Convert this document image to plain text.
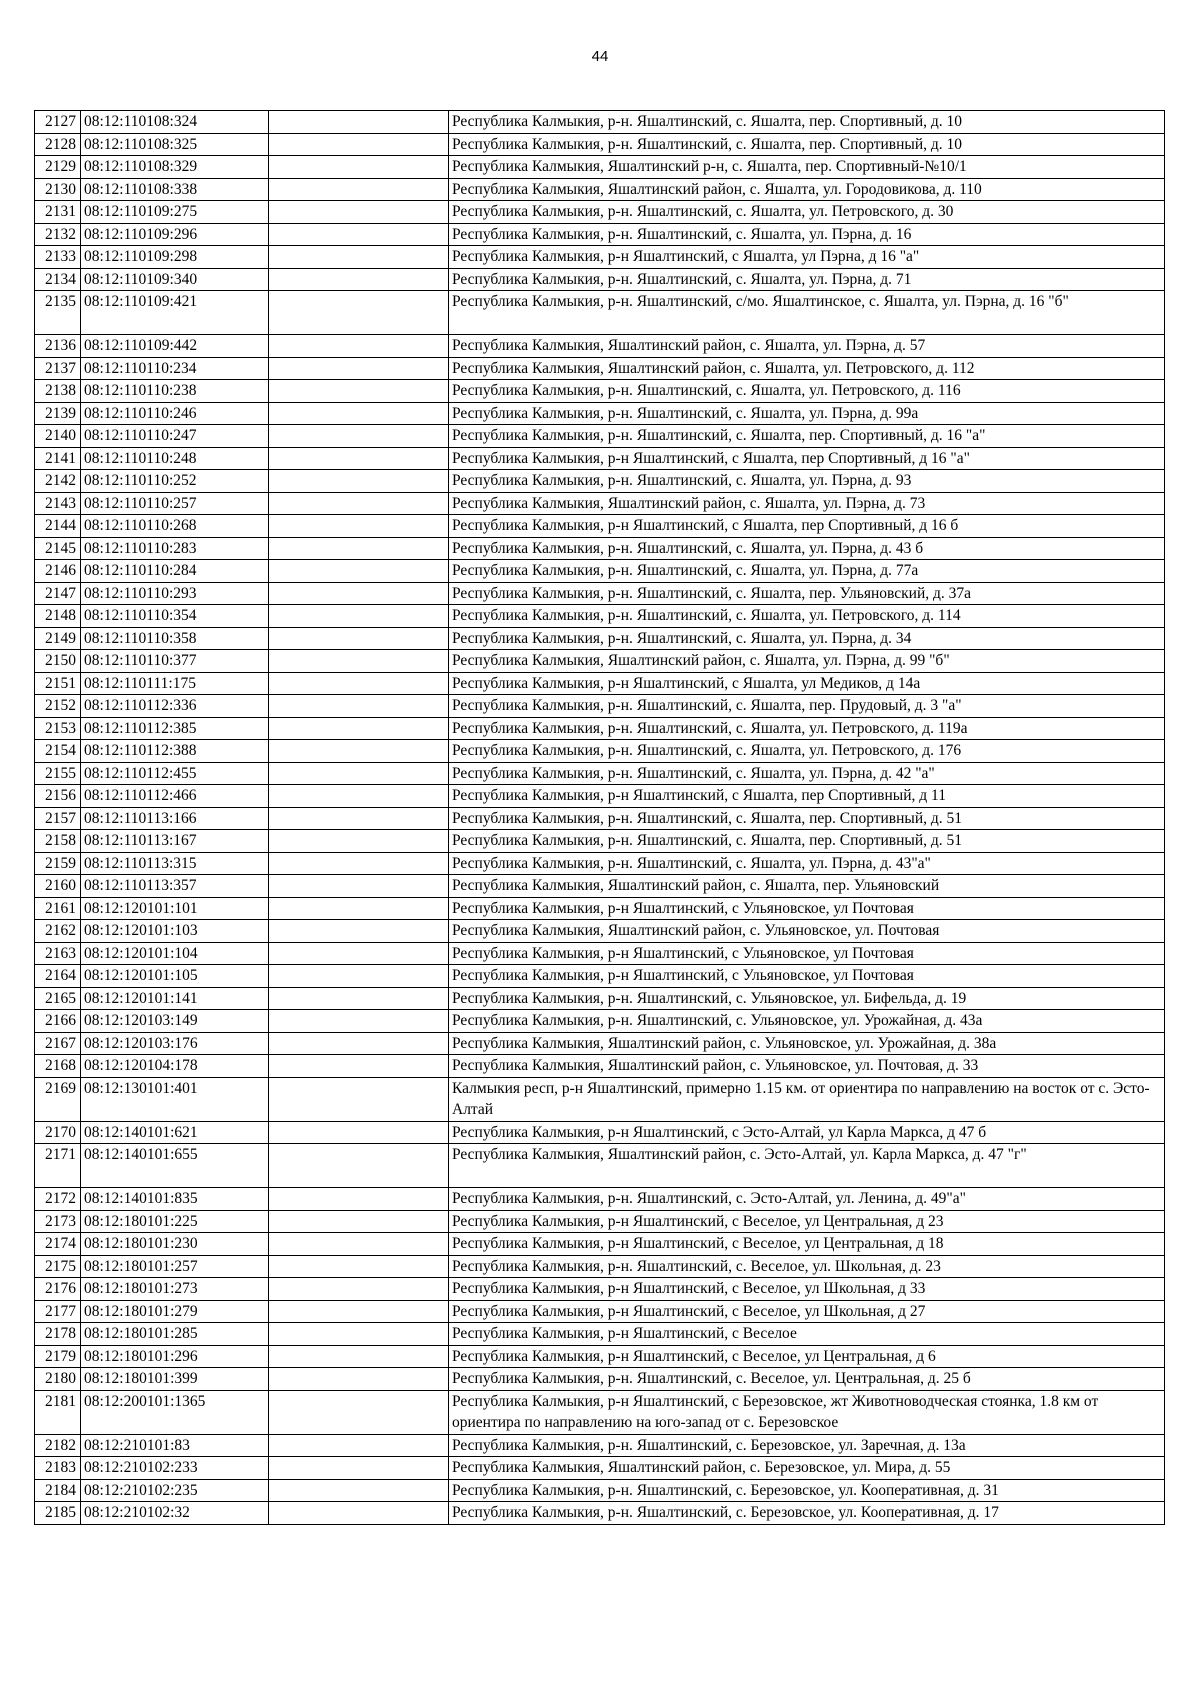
44
2127	08:12:110108:324		Республика Калмыкия, р-н. Яшалтинский, с. Яшалта, пер. Спортивный, д. 10
2128	08:12:110108:325		Республика Калмыкия, р-н. Яшалтинский, с. Яшалта, пер. Спортивный, д. 10
2129	08:12:110108:329		Республика Калмыкия, Яшалтинский р-н, с. Яшалта, пер. Спортивный-№10/1
2130	08:12:110108:338		Республика Калмыкия, Яшалтинский район, с. Яшалта, ул. Городовикова, д. 110
2131	08:12:110109:275		Республика Калмыкия, р-н. Яшалтинский, с. Яшалта, ул. Петровского, д. 30
2132	08:12:110109:296		Республика Калмыкия, р-н. Яшалтинский, с. Яшалта, ул. Пэрна, д. 16
2133	08:12:110109:298		Республика Калмыкия, р-н Яшалтинский, с Яшалта, ул Пэрна, д 16 "а"
2134	08:12:110109:340		Республика Калмыкия, р-н. Яшалтинский, с. Яшалта, ул. Пэрна, д. 71
2135	08:12:110109:421		Республика Калмыкия, р-н. Яшалтинский, с/мо. Яшалтинское, с. Яшалта, ул. Пэрна, д. 16 "б"
2136	08:12:110109:442		Республика Калмыкия, Яшалтинский район, с. Яшалта, ул. Пэрна, д. 57
2137	08:12:110110:234		Республика Калмыкия, Яшалтинский район, с. Яшалта, ул. Петровского, д. 112
2138	08:12:110110:238		Республика Калмыкия, р-н. Яшалтинский, с. Яшалта, ул. Петровского, д. 116
2139	08:12:110110:246		Республика Калмыкия, р-н. Яшалтинский, с. Яшалта, ул. Пэрна, д. 99а
2140	08:12:110110:247		Республика Калмыкия, р-н. Яшалтинский, с. Яшалта, пер. Спортивный, д. 16 "а"
2141	08:12:110110:248		Республика Калмыкия, р-н Яшалтинский, с Яшалта, пер Спортивный, д 16 "а"
2142	08:12:110110:252		Республика Калмыкия, р-н. Яшалтинский, с. Яшалта, ул. Пэрна, д. 93
2143	08:12:110110:257		Республика Калмыкия, Яшалтинский район, с. Яшалта, ул. Пэрна, д. 73
2144	08:12:110110:268		Республика Калмыкия, р-н Яшалтинский, с Яшалта, пер Спортивный, д 16 б
2145	08:12:110110:283		Республика Калмыкия, р-н. Яшалтинский, с. Яшалта, ул. Пэрна, д. 43 б
2146	08:12:110110:284		Республика Калмыкия, р-н. Яшалтинский, с. Яшалта, ул. Пэрна, д. 77а
2147	08:12:110110:293		Республика Калмыкия, р-н. Яшалтинский, с. Яшалта, пер. Ульяновский, д. 37а
2148	08:12:110110:354		Республика Калмыкия, р-н. Яшалтинский, с. Яшалта, ул. Петровского, д. 114
2149	08:12:110110:358		Республика Калмыкия, р-н. Яшалтинский, с. Яшалта, ул. Пэрна, д. 34
2150	08:12:110110:377		Республика Калмыкия, Яшалтинский район, с. Яшалта, ул. Пэрна, д. 99 "б"
2151	08:12:110111:175		Республика Калмыкия, р-н Яшалтинский, с Яшалта, ул Медиков, д 14а
2152	08:12:110112:336		Республика Калмыкия, р-н. Яшалтинский, с. Яшалта, пер. Прудовый, д. 3 "а"
2153	08:12:110112:385		Республика Калмыкия, р-н. Яшалтинский, с. Яшалта, ул. Петровского, д. 119а
2154	08:12:110112:388		Республика Калмыкия, р-н. Яшалтинский, с. Яшалта, ул. Петровского, д. 176
2155	08:12:110112:455		Республика Калмыкия, р-н. Яшалтинский, с. Яшалта, ул. Пэрна, д. 42 "а"
2156	08:12:110112:466		Республика Калмыкия, р-н Яшалтинский, с Яшалта, пер Спортивный, д 11
2157	08:12:110113:166		Республика Калмыкия, р-н. Яшалтинский, с. Яшалта, пер. Спортивный, д. 51
2158	08:12:110113:167		Республика Калмыкия, р-н. Яшалтинский, с. Яшалта, пер. Спортивный, д. 51
2159	08:12:110113:315		Республика Калмыкия, р-н. Яшалтинский, с. Яшалта, ул. Пэрна, д. 43"а"
2160	08:12:110113:357		Республика Калмыкия, Яшалтинский район, с. Яшалта, пер. Ульяновский
2161	08:12:120101:101		Республика Калмыкия, р-н Яшалтинский, с Ульяновское, ул Почтовая
2162	08:12:120101:103		Республика Калмыкия, Яшалтинский район, с. Ульяновское, ул. Почтовая
2163	08:12:120101:104		Республика Калмыкия, р-н Яшалтинский, с Ульяновское, ул Почтовая
2164	08:12:120101:105		Республика Калмыкия, р-н Яшалтинский, с Ульяновское, ул Почтовая
2165	08:12:120101:141		Республика Калмыкия, р-н. Яшалтинский, с. Ульяновское, ул. Бифельда, д. 19
2166	08:12:120103:149		Республика Калмыкия, р-н. Яшалтинский, с. Ульяновское, ул. Урожайная, д. 43а
2167	08:12:120103:176		Республика Калмыкия, Яшалтинский район, с. Ульяновское, ул. Урожайная, д. 38а
2168	08:12:120104:178		Республика Калмыкия, Яшалтинский район, с. Ульяновское, ул. Почтовая, д. 33
2169	08:12:130101:401		Калмыкия респ, р-н Яшалтинский, примерно 1.15 км. от ориентира по направлению на восток от с. Эсто-Алтай
2170	08:12:140101:621		Республика Калмыкия, р-н Яшалтинский, с Эсто-Алтай, ул Карла Маркса, д 47 б
2171	08:12:140101:655		Республика Калмыкия, Яшалтинский район, с. Эсто-Алтай, ул. Карла Маркса, д. 47 "г"
2172	08:12:140101:835		Республика Калмыкия, р-н. Яшалтинский, с. Эсто-Алтай, ул. Ленина, д. 49"а"
2173	08:12:180101:225		Республика Калмыкия, р-н Яшалтинский, с Веселое, ул Центральная, д 23
2174	08:12:180101:230		Республика Калмыкия, р-н Яшалтинский, с Веселое, ул Центральная, д 18
2175	08:12:180101:257		Республика Калмыкия, р-н. Яшалтинский, с. Веселое, ул. Школьная, д. 23
2176	08:12:180101:273		Республика Калмыкия, р-н Яшалтинский, с Веселое, ул Школьная, д 33
2177	08:12:180101:279		Республика Калмыкия, р-н Яшалтинский, с Веселое, ул Школьная, д 27
2178	08:12:180101:285		Республика Калмыкия, р-н Яшалтинский, с Веселое
2179	08:12:180101:296		Республика Калмыкия, р-н Яшалтинский, с Веселое, ул Центральная, д 6
2180	08:12:180101:399		Республика Калмыкия, р-н. Яшалтинский, с. Веселое, ул. Центральная, д. 25 б
2181	08:12:200101:1365		Республика Калмыкия, р-н Яшалтинский, с Березовское, жт Животноводческая стоянка, 1.8 км от ориентира по направлению на юго-запад от с. Березовское
2182	08:12:210101:83		Республика Калмыкия, р-н. Яшалтинский, с. Березовское, ул. Заречная, д. 13а
2183	08:12:210102:233		Республика Калмыкия, Яшалтинский район, с. Березовское, ул. Мира, д. 55
2184	08:12:210102:235		Республика Калмыкия, р-н. Яшалтинский, с. Березовское, ул. Кооперативная, д. 31
2185	08:12:210102:32		Республика Калмыкия, р-н. Яшалтинский, с. Березовское, ул. Кооперативная, д. 17
